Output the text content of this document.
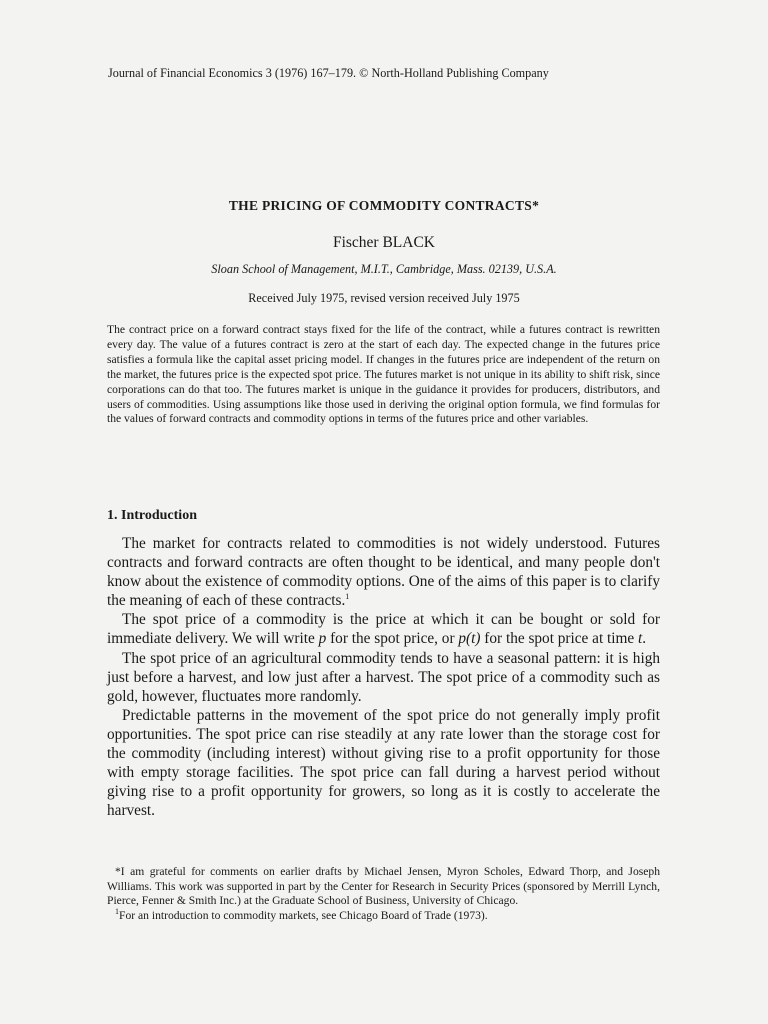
Journal of Financial Economics 3 (1976) 167–179. © North-Holland Publishing Company
THE PRICING OF COMMODITY CONTRACTS*
Fischer BLACK
Sloan School of Management, M.I.T., Cambridge, Mass. 02139, U.S.A.
Received July 1975, revised version received July 1975

The contract price on a forward contract stays fixed for the life of the contract, while a futures contract is rewritten every day. The value of a futures contract is zero at the start of each day. The expected change in the futures price satisfies a formula like the capital asset pricing model. If changes in the futures price are independent of the return on the market, the futures price is the expected spot price. The futures market is not unique in its ability to shift risk, since corporations can do that too. The futures market is unique in the guidance it provides for producers, distributors, and users of commodities. Using assumptions like those used in deriving the original option formula, we find formulas for the values of forward contracts and commodity options in terms of the futures price and other variables.

1. Introduction

The market for contracts related to commodities is not widely understood. Futures contracts and forward contracts are often thought to be identical, and many people don't know about the existence of commodity options. One of the aims of this paper is to clarify the meaning of each of these contracts.$^1$

The spot price of a commodity is the price at which it can be bought or sold for immediate delivery. We will write p for the spot price, or p(t) for the spot price at time t.

The spot price of an agricultural commodity tends to have a seasonal pattern: it is high just before a harvest, and low just after a harvest. The spot price of a commodity such as gold, however, fluctuates more randomly.

Predictable patterns in the movement of the spot price do not generally imply profit opportunities. The spot price can rise steadily at any rate lower than the storage cost for the commodity (including interest) without giving rise to a profit opportunity for those with empty storage facilities. The spot price can fall during a harvest period without giving rise to a profit opportunity for growers, so long as it is costly to accelerate the harvest.

*I am grateful for comments on earlier drafts by Michael Jensen, Myron Scholes, Edward Thorp, and Joseph Williams. This work was supported in part by the Center for Research in Security Prices (sponsored by Merrill Lynch, Pierce, Fenner & Smith Inc.) at the Graduate School of Business, University of Chicago.

$^1$For an introduction to commodity markets, see Chicago Board of Trade (1973).
